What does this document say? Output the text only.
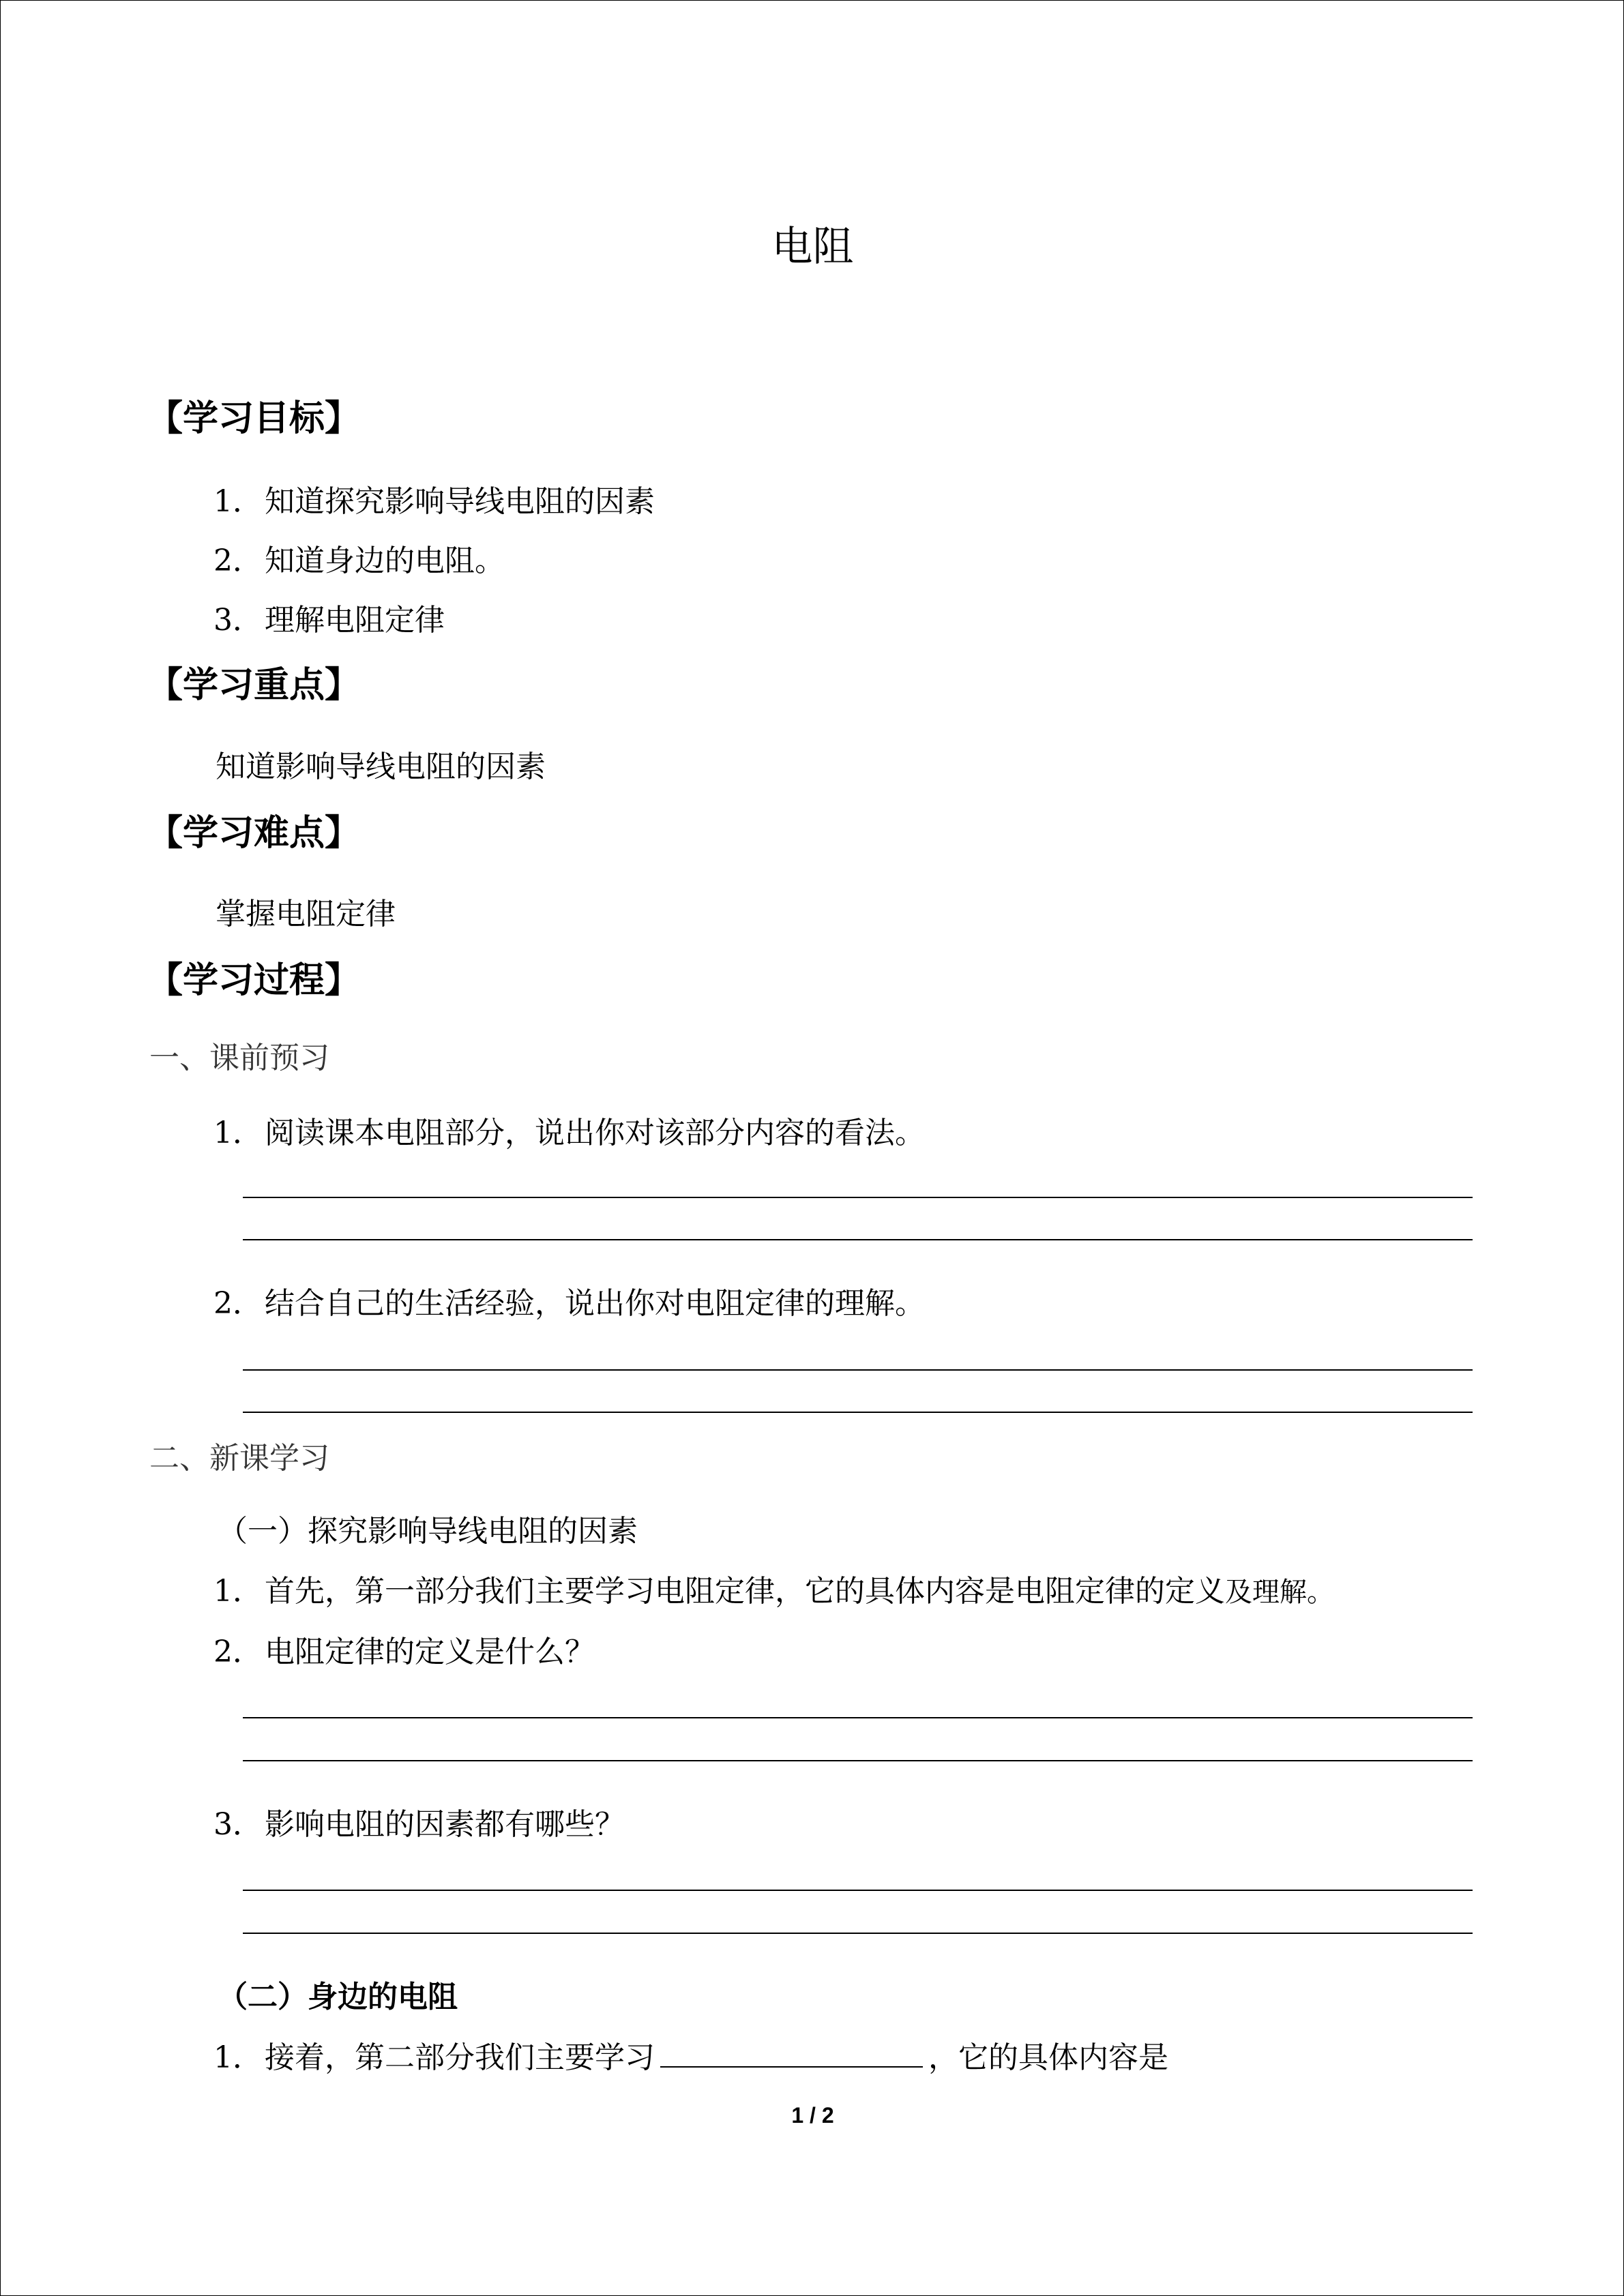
电阻
【学习目标】
1．知道探究影响导线电阻的因素
2．知道身边的电阻。
3．理解电阻定律
【学习重点】
知道影响导线电阻的因素
【学习难点】
掌握电阻定律
【学习过程】
一、课前预习
1．阅读课本电阻部分，说出你对该部分内容的看法。
2．结合自己的生活经验，说出你对电阻定律的理解。
二、新课学习
（一）探究影响导线电阻的因素
1．首先，第一部分我们主要学习电阻定律，它的具体内容是电阻定律的定义及理解。
2．电阻定律的定义是什么？
3．影响电阻的因素都有哪些？
（二）身边的电阻
1．接着，第二部分我们主要学习	，它的具体内容是
1 / 2
